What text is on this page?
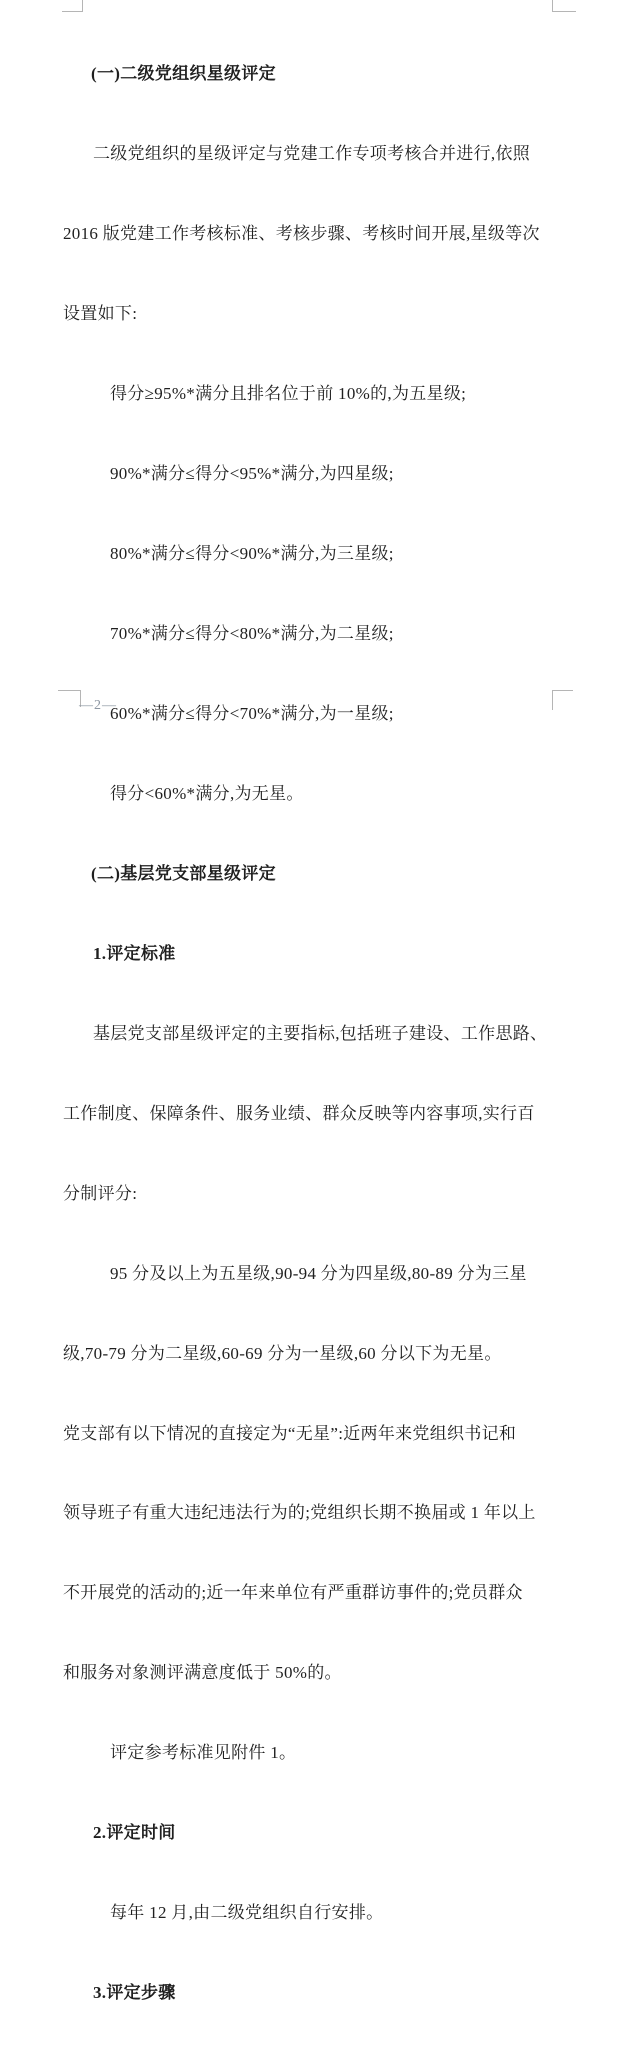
(一)二级党组织星级评定

二级党组织的星级评定与党建工作专项考核合并进行,依照

2016 版党建工作考核标准、考核步骤、考核时间开展,星级等次

设置如下:

得分≥95%*满分且排名位于前 10%的,为五星级;

90%*满分≤得分<95%*满分,为四星级;

80%*满分≤得分<90%*满分,为三星级;

70%*满分≤得分<80%*满分,为二星级;

60%*满分≤得分<70%*满分,为一星级;

得分<60%*满分,为无星。

(二)基层党支部星级评定

1.评定标准

基层党支部星级评定的主要指标,包括班子建设、工作思路、

工作制度、保障条件、服务业绩、群众反映等内容事项,实行百

分制评分:

95 分及以上为五星级,90-94 分为四星级,80-89 分为三星

级,70-79 分为二星级,60-69 分为一星级,60 分以下为无星。

党支部有以下情况的直接定为“无星”:近两年来党组织书记和

领导班子有重大违纪违法行为的;党组织长期不换届或 1 年以上

不开展党的活动的;近一年来单位有严重群访事件的;党员群众

和服务对象测评满意度低于 50%的。

评定参考标准见附件 1。

2.评定时间

每年 12 月,由二级党组织自行安排。

3.评定步骤

—2—
